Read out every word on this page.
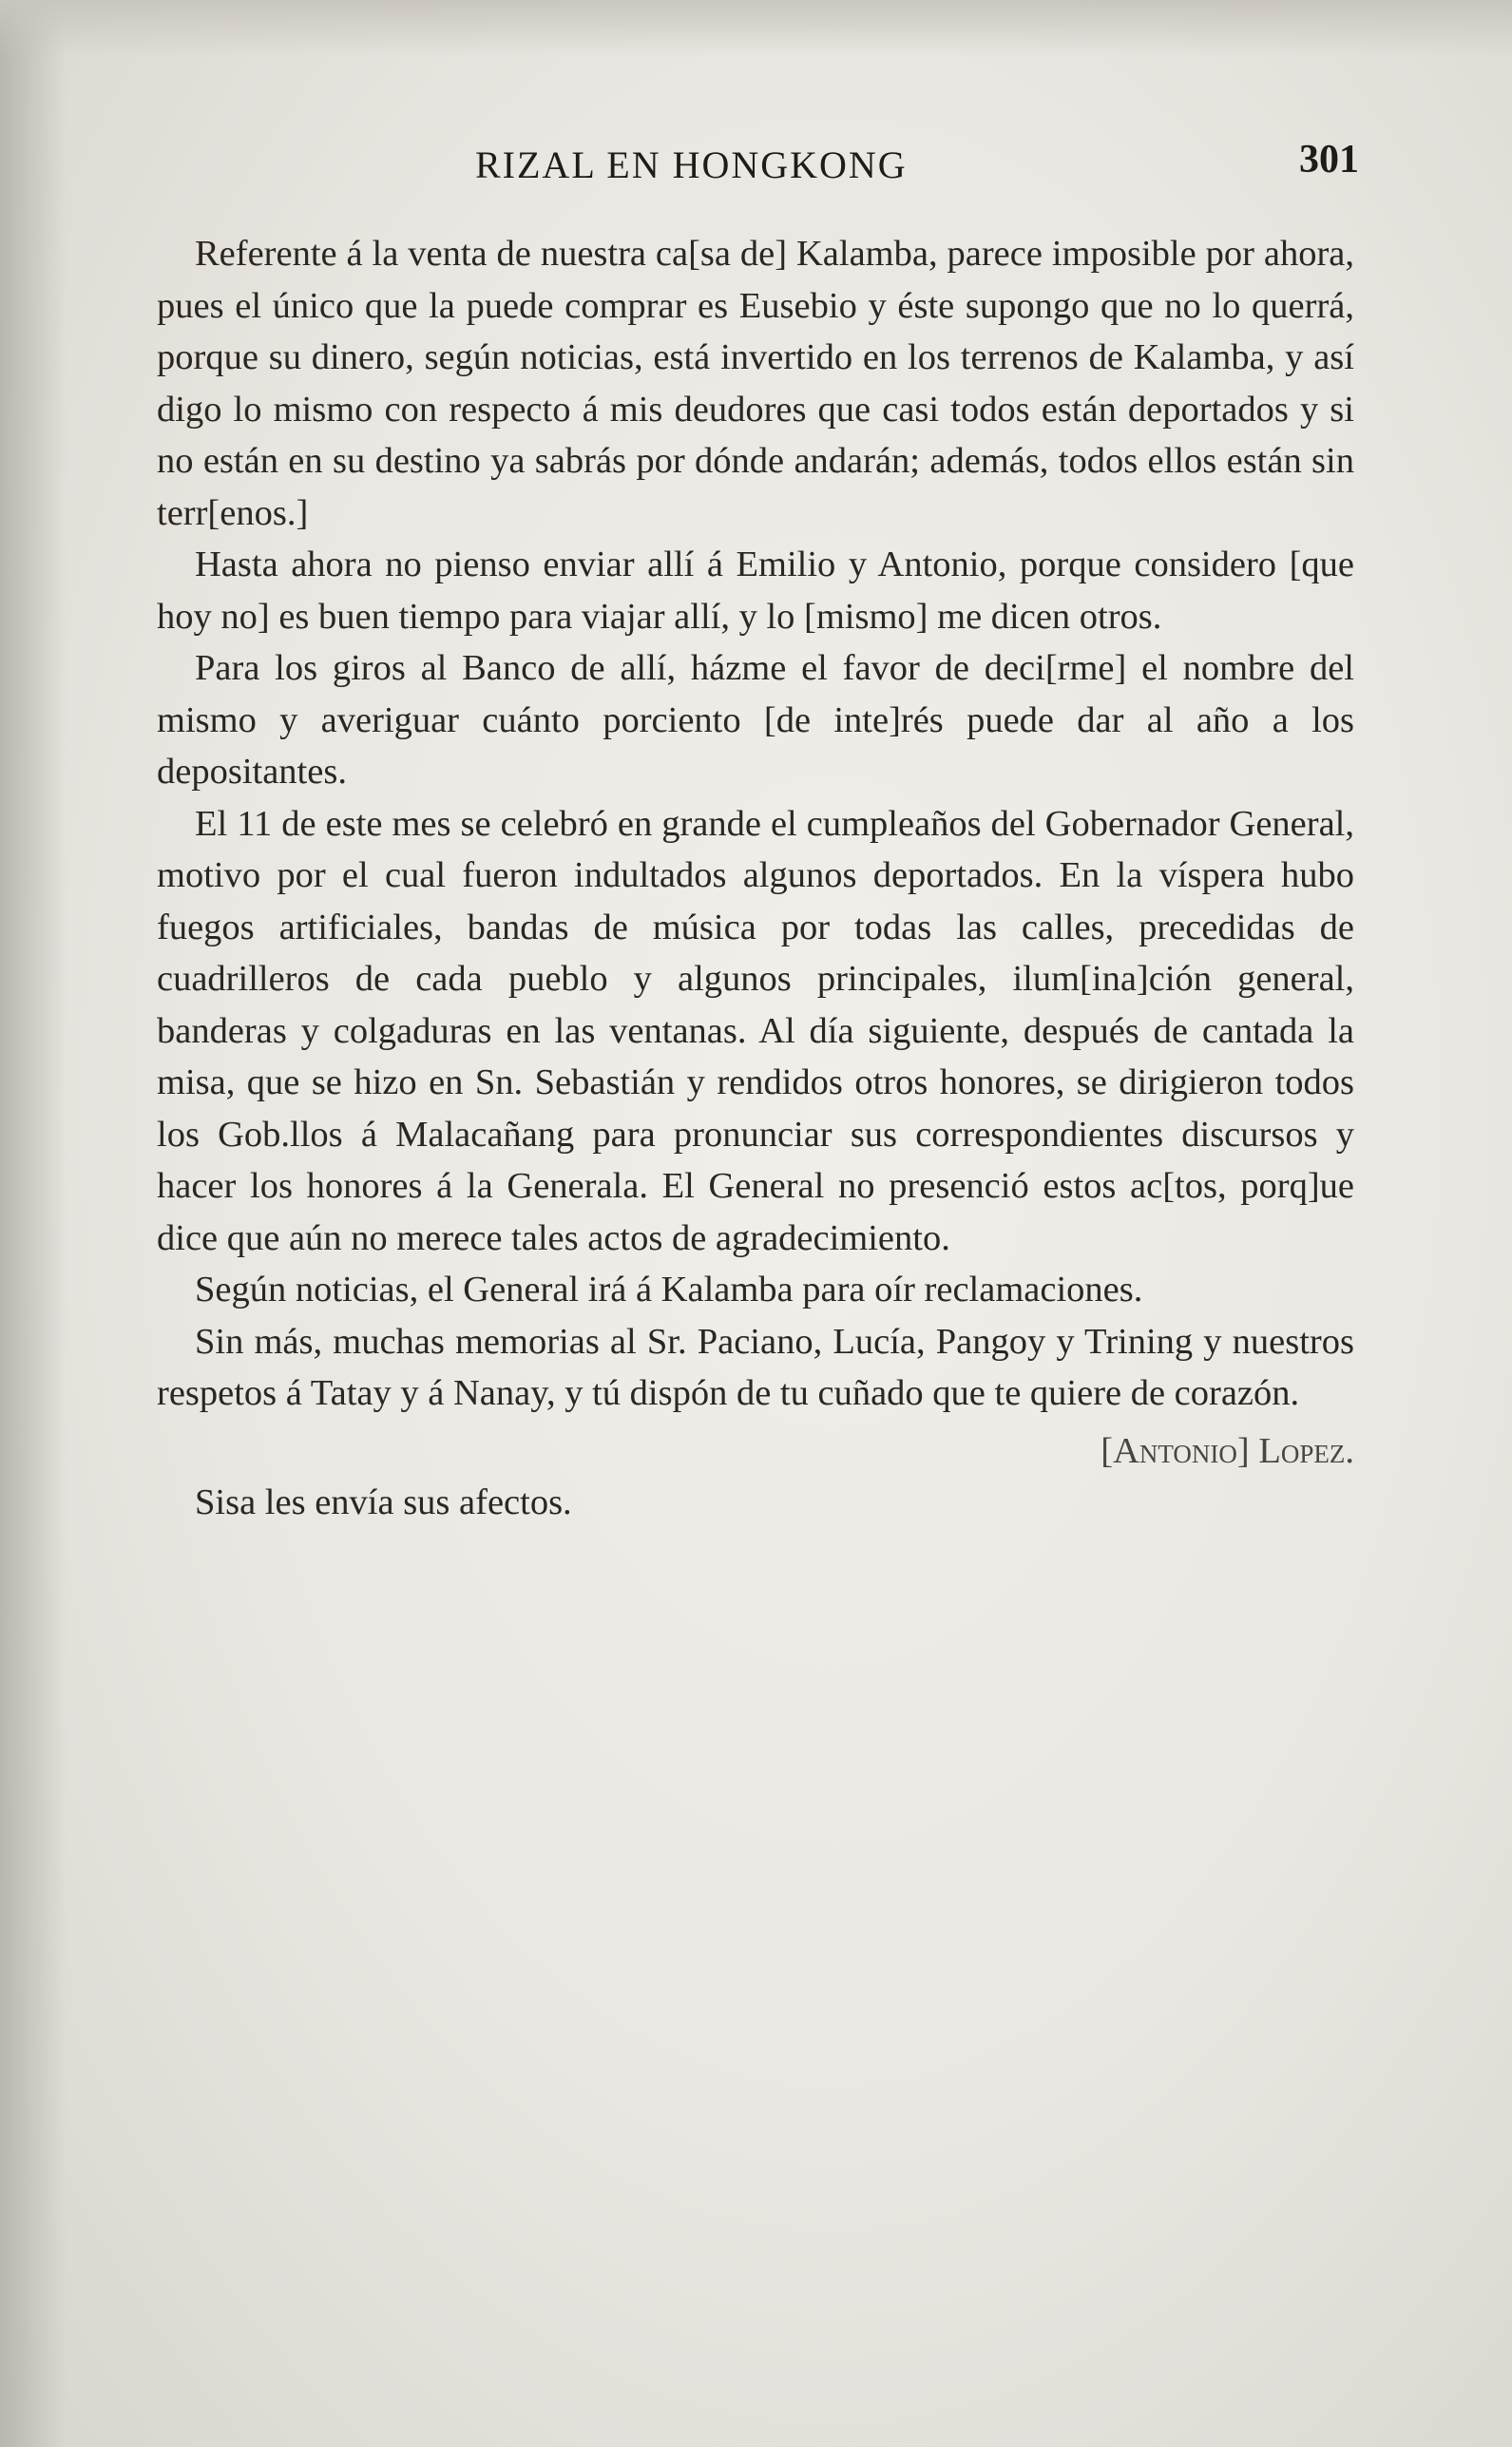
RIZAL EN HONGKONG	301

Referente á la venta de nuestra ca[sa de] Kalamba, parece imposible por ahora, pues el único que la puede comprar es Eusebio y éste supongo que no lo querrá, porque su dinero, según noticias, está invertido en los terrenos de Kalamba, y así digo lo mismo con respecto á mis deudores que casi todos están deportados y si no están en su destino ya sabrás por dónde andarán; además, todos ellos están sin terr[enos.]

Hasta ahora no pienso enviar allí á Emilio y Antonio, porque considero [que hoy no] es buen tiempo para viajar allí, y lo [mismo] me dicen otros.

Para los giros al Banco de allí, házme el favor de deci[rme] el nombre del mismo y averiguar cuánto porciento [de inte]rés puede dar al año a los depositantes.

El 11 de este mes se celebró en grande el cumpleaños del Gobernador General, motivo por el cual fueron indultados algunos deportados. En la víspera hubo fuegos artificiales, bandas de música por todas las calles, precedidas de cuadrilleros de cada pueblo y algunos principales, ilum[ina]ción general, banderas y colgaduras en las ventanas. Al día siguiente, después de cantada la misa, que se hizo en Sn. Sebastián y rendidos otros honores, se dirigieron todos los Gob.llos á Malacañang para pronunciar sus correspondientes discursos y hacer los honores á la Generala. El General no presenció estos ac[tos, porq]ue dice que aún no merece tales actos de agradecimiento.

Según noticias, el General irá á Kalamba para oír reclamaciones.

Sin más, muchas memorias al Sr. Paciano, Lucía, Pangoy y Trining y nuestros respetos á Tatay y á Nanay, y tú dispón de tu cuñado que te quiere de corazón.

[Antonio] Lopez.

Sisa les envía sus afectos.
